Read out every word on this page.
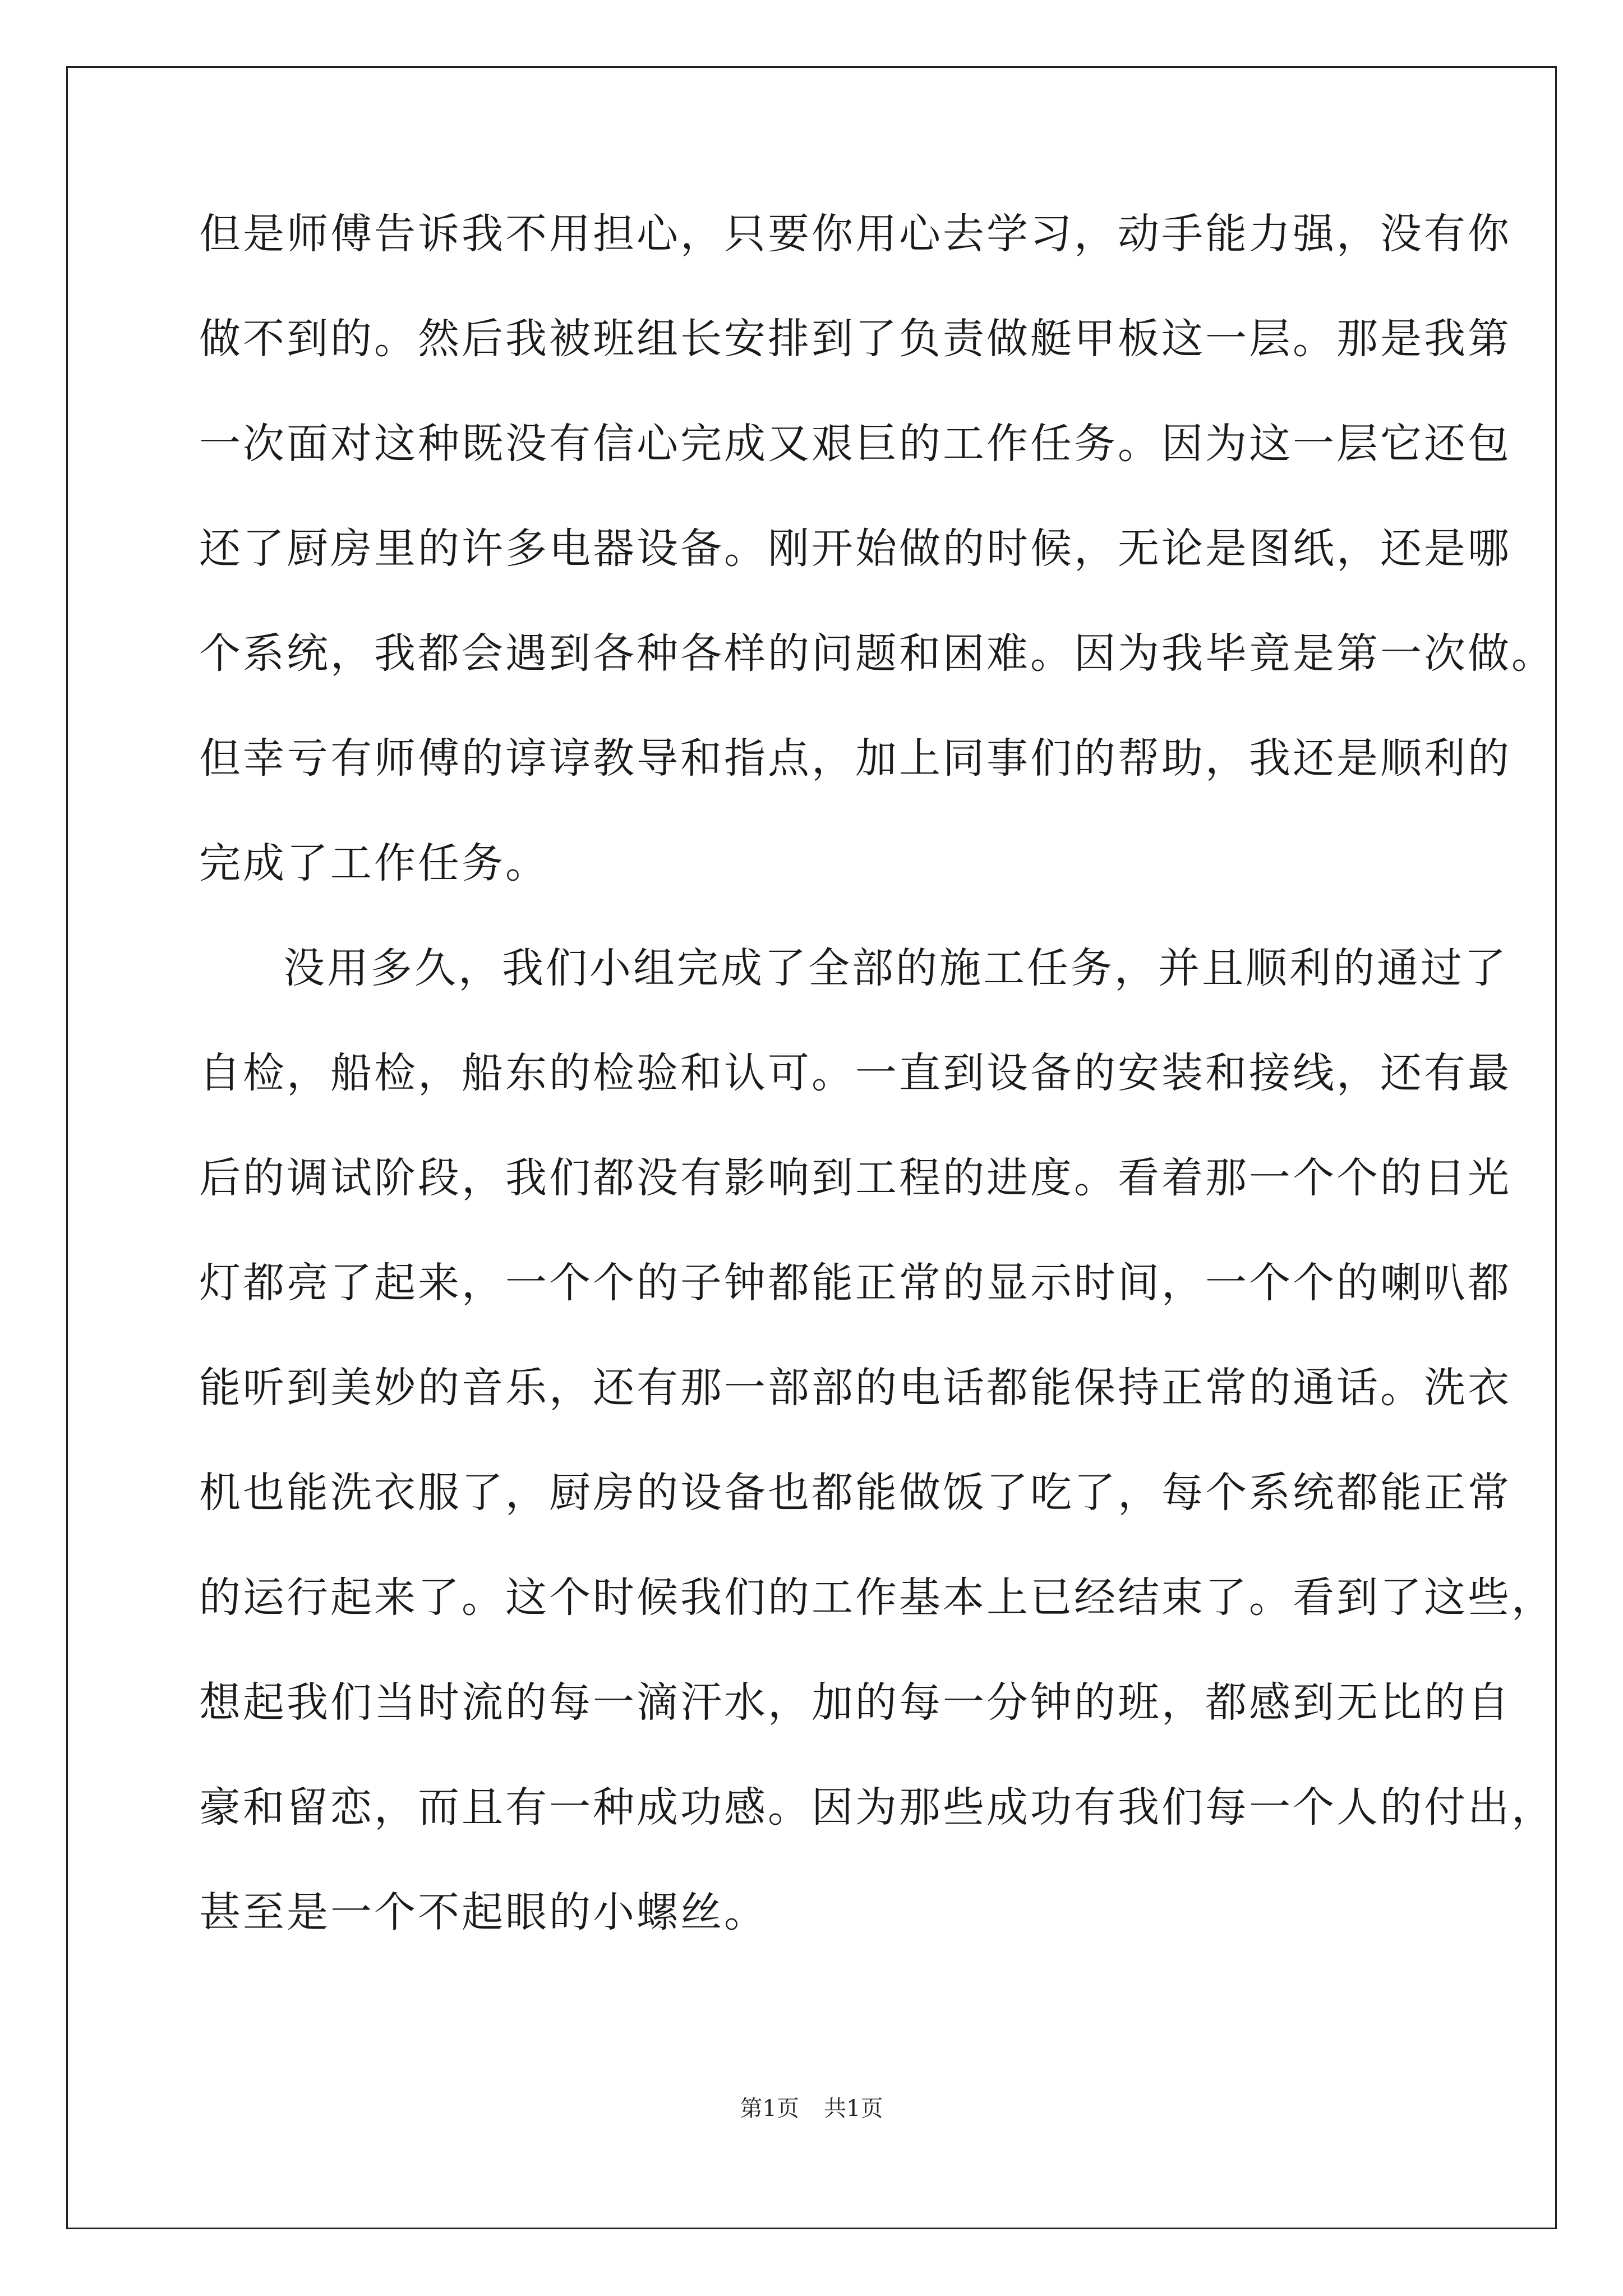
但是师傅告诉我不用担心，只要你用心去学习，动手能力强，没有你
做不到的。然后我被班组长安排到了负责做艇甲板这一层。那是我第
一次面对这种既没有信心完成又艰巨的工作任务。因为这一层它还包
还了厨房里的许多电器设备。刚开始做的时候，无论是图纸，还是哪
个系统，我都会遇到各种各样的问题和困难。因为我毕竟是第一次做。
但幸亏有师傅的谆谆教导和指点，加上同事们的帮助，我还是顺利的
完成了工作任务。
没用多久，我们小组完成了全部的施工任务，并且顺利的通过了
自检，船检，船东的检验和认可。一直到设备的安装和接线，还有最
后的调试阶段，我们都没有影响到工程的进度。看着那一个个的日光
灯都亮了起来，一个个的子钟都能正常的显示时间，一个个的喇叭都
能听到美妙的音乐，还有那一部部的电话都能保持正常的通话。洗衣
机也能洗衣服了，厨房的设备也都能做饭了吃了，每个系统都能正常
的运行起来了。这个时候我们的工作基本上已经结束了。看到了这些，
想起我们当时流的每一滴汗水，加的每一分钟的班，都感到无比的自
豪和留恋，而且有一种成功感。因为那些成功有我们每一个人的付出，
甚至是一个不起眼的小螺丝。
第1页 共1页
